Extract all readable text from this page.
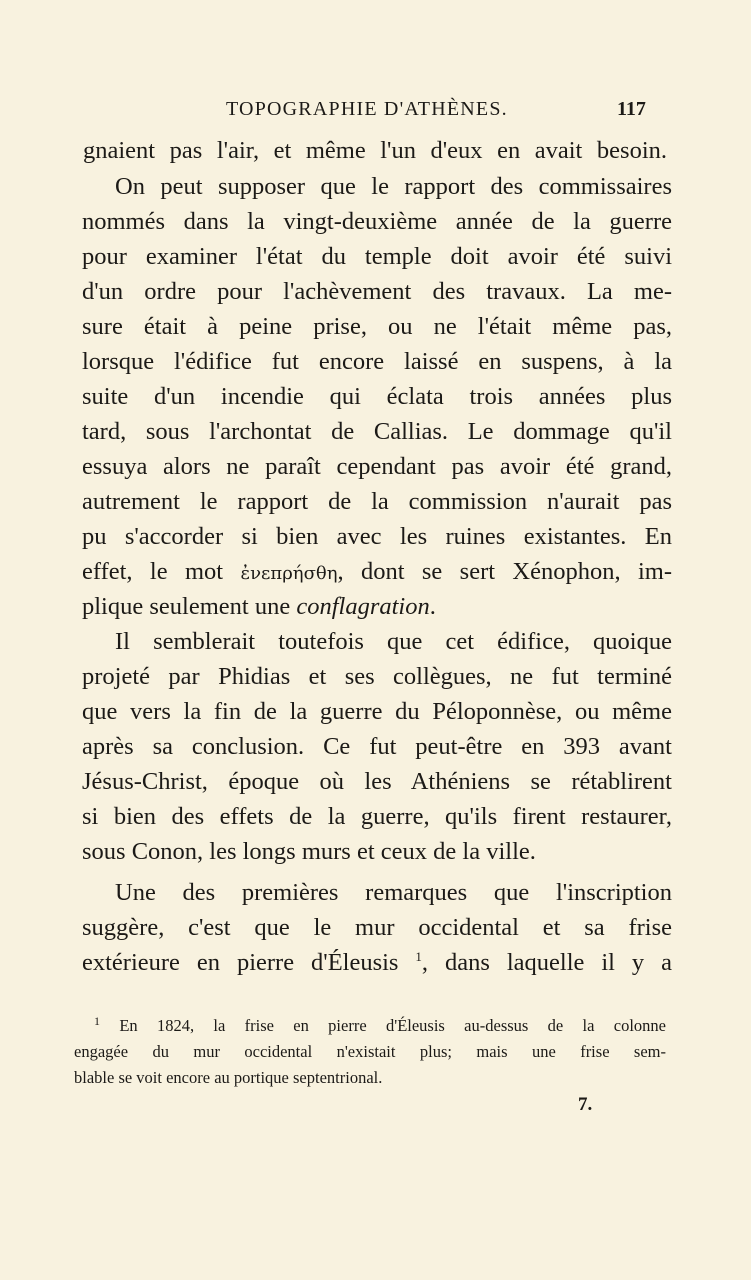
TOPOGRAPHIE D'ATHÈNES.	117
gnaient pas l'air, et même l'un d'eux en avait besoin.
On peut supposer que le rapport des commissaires
nommés dans la vingt-deuxième année de la guerre
pour examiner l'état du temple doit avoir été suivi
d'un ordre pour l'achèvement des travaux. La me-
sure était à peine prise, ou ne l'était même pas,
lorsque l'édifice fut encore laissé en suspens, à la
suite d'un incendie qui éclata trois années plus
tard, sous l'archontat de Callias. Le dommage qu'il
essuya alors ne paraît cependant pas avoir été grand,
autrement le rapport de la commission n'aurait pas
pu s'accorder si bien avec les ruines existantes. En
effet, le mot ἐνεπρήσθη, dont se sert Xénophon, im-
plique seulement une conflagration.
Il semblerait toutefois que cet édifice, quoique
projeté par Phidias et ses collègues, ne fut terminé
que vers la fin de la guerre du Péloponnèse, ou même
après sa conclusion. Ce fut peut-être en 393 avant
Jésus-Christ, époque où les Athéniens se rétablirent
si bien des effets de la guerre, qu'ils firent restaurer,
sous Conon, les longs murs et ceux de la ville.
Une des premières remarques que l'inscription
suggère, c'est que le mur occidental et sa frise
extérieure en pierre d'Éleusis $^1$, dans laquelle il y a
$^1$ En 1824, la frise en pierre d'Éleusis au-dessus de la colonne
engagée du mur occidental n'existait plus; mais une frise sem-
blable se voit encore au portique septentrional.
7.
